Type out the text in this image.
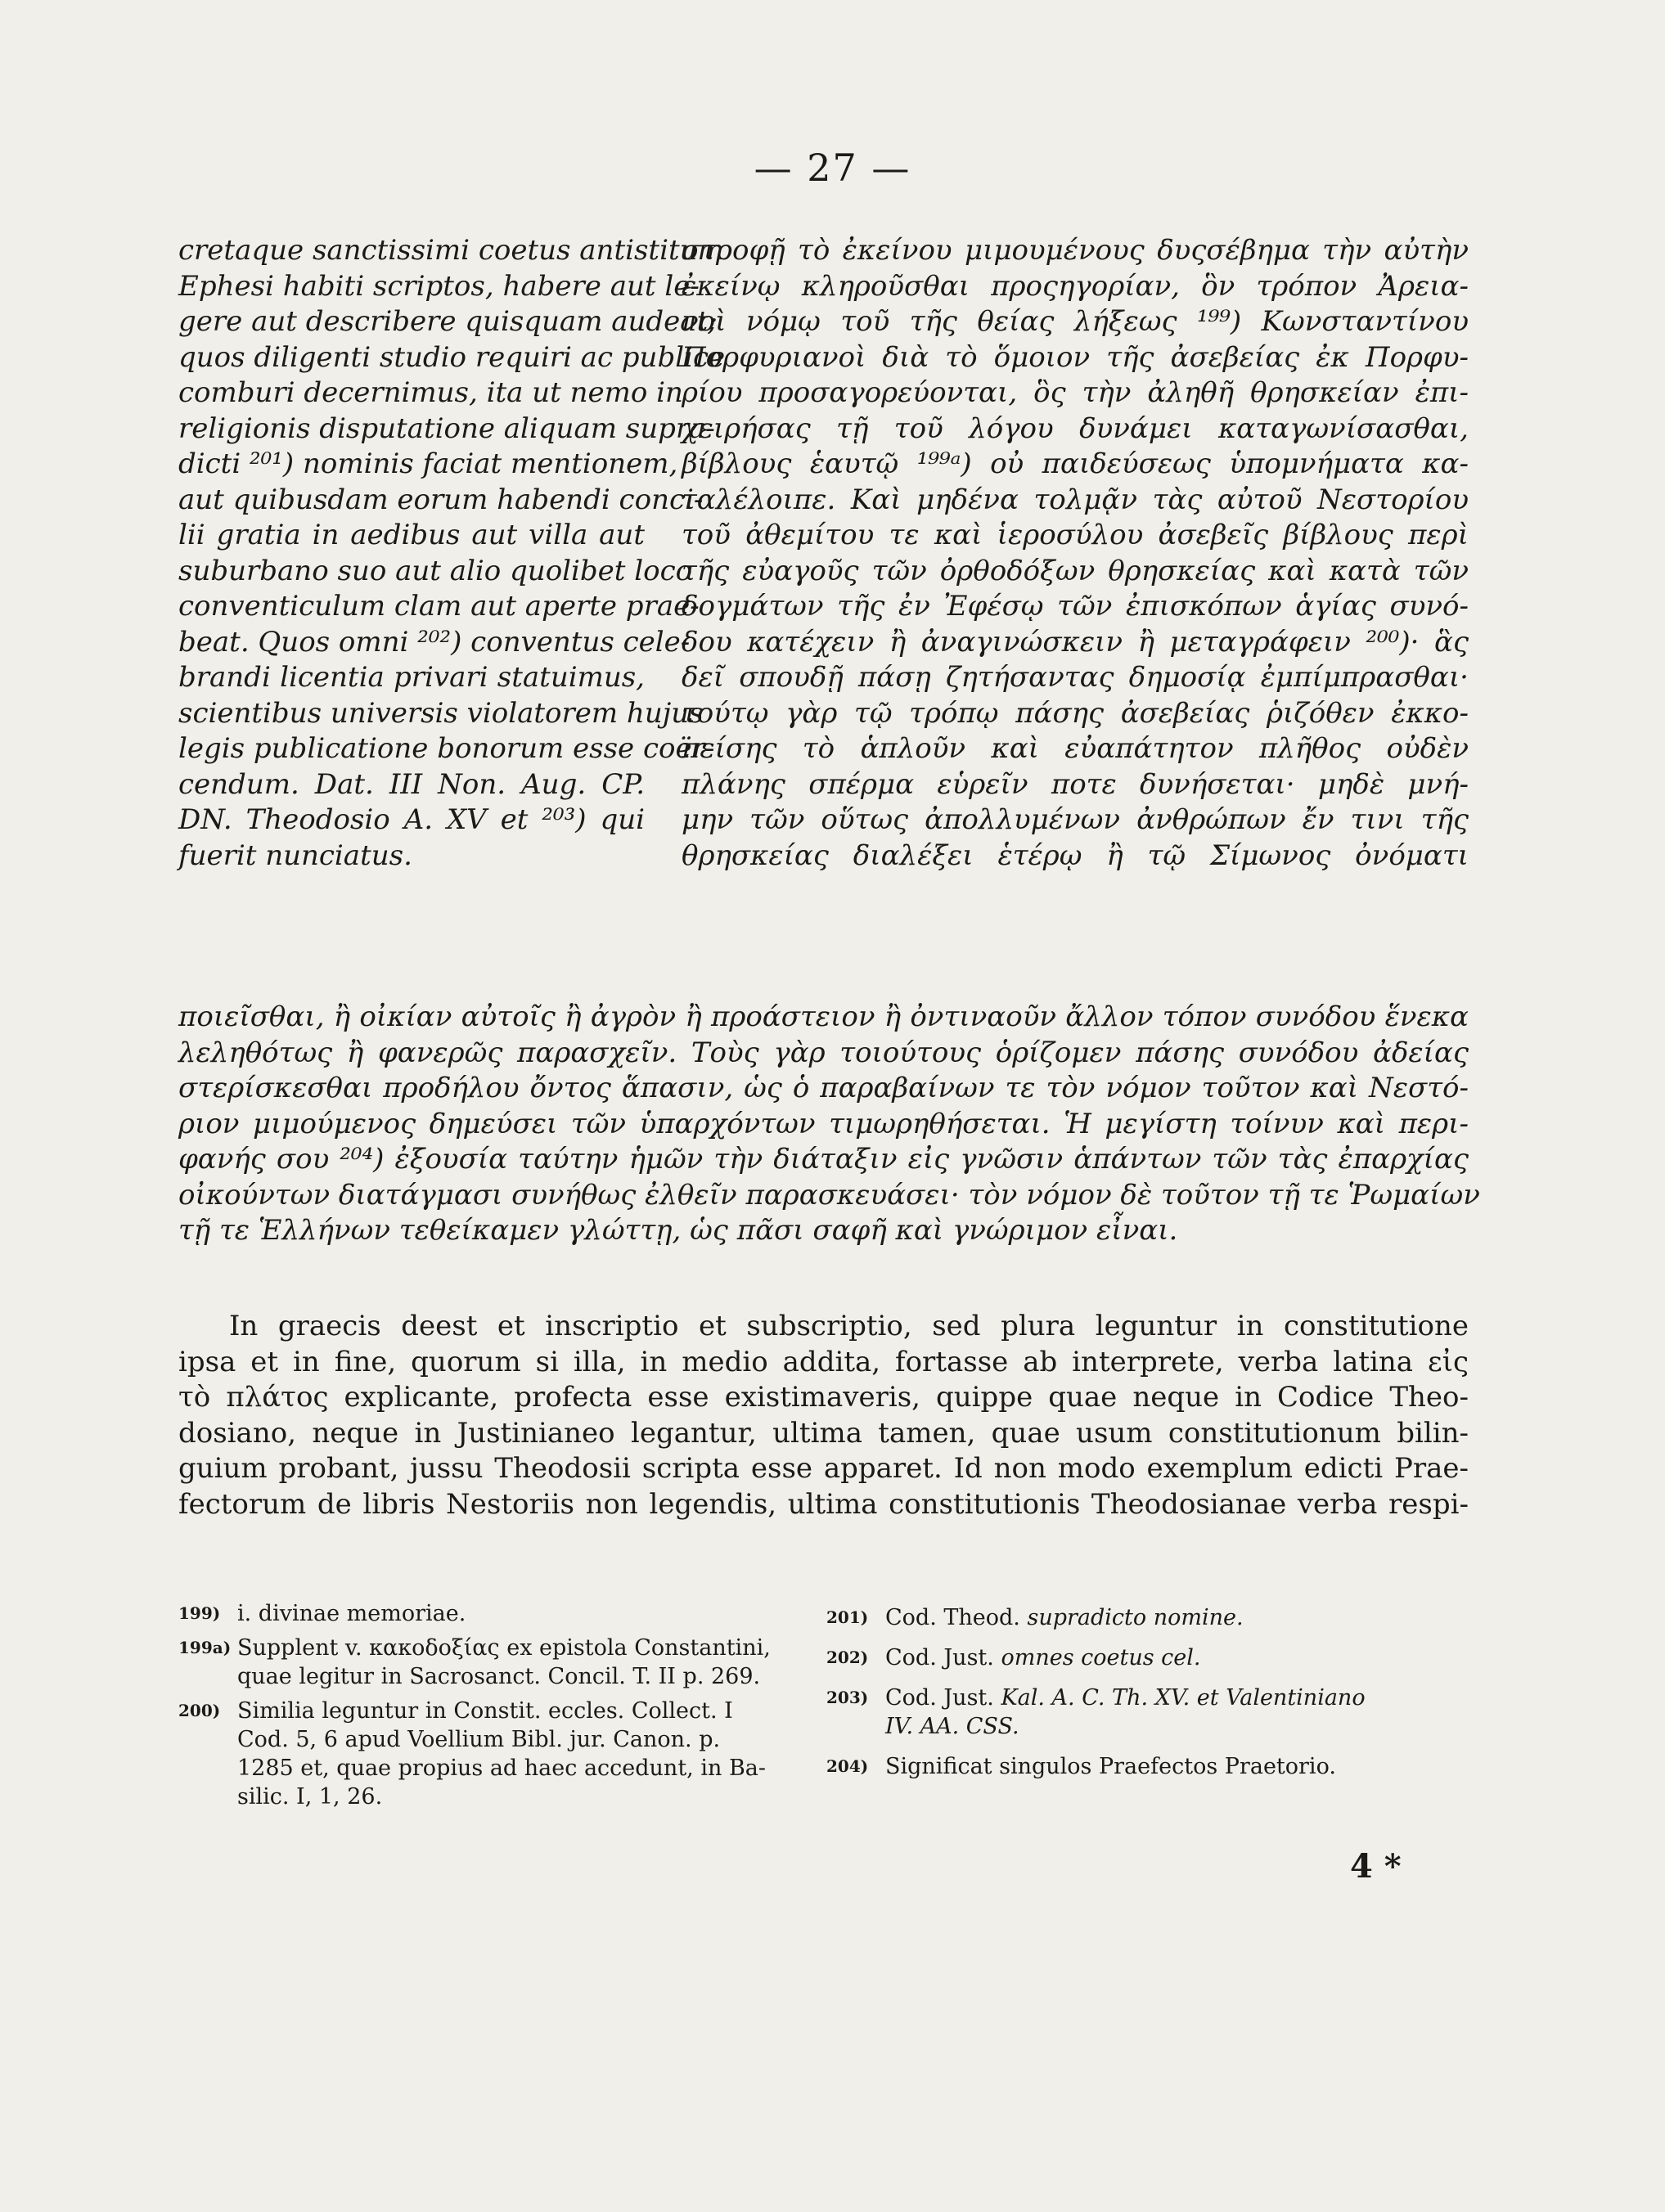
— 27 —
cretaque sanctissimi coetus antistitum
Ephesi habiti scriptos, habere aut le-
gere aut describere quisquam audeat;
quos diligenti studio requiri ac publice
comburi decernimus, ita ut nemo in
religionis disputatione aliquam supra-
dicti ²⁰¹) nominis faciat mentionem,
aut quibusdam eorum habendi conci-
lii gratia in aedibus aut villa aut
suburbano suo aut alio quolibet loco
conventiculum clam aut aperte prae-
beat. Quos omni ²⁰²) conventus cele-
brandi licentia privari statuimus,
scientibus universis violatorem hujus
legis publicatione bonorum esse coër-
cendum. Dat. III Non. Aug. CP.
DN. Theodosio A. XV et ²⁰³) qui
fuerit nunciatus.
στροφῇ τὸ ἐκείνου μιμουμένους δυςσέβημα τὴν αὐτὴν
ἐκείνῳ κληροῦσθαι προςηγορίαν, ὃν τρόπον Ἀρεια-
νοὶ νόμῳ τοῦ τῆς θείας λήξεως ¹⁹⁹) Κωνσταντίνου
Πορφυριανοὶ διὰ τὸ ὅμοιον τῆς ἀσεβείας ἐκ Πορφυ-
ρίου προσαγορεύονται, ὃς τὴν ἀληθῆ θρησκείαν ἐπι-
χειρήσας τῇ τοῦ λόγου δυνάμει καταγωνίσασθαι,
βίβλους ἑαυτῷ ¹⁹⁹ᵃ) οὐ παιδεύσεως ὑπομνήματα κα-
ταλέλοιπε. Καὶ μηδένα τολμᾷν τὰς αὐτοῦ Νεστορίου
τοῦ ἀθεμίτου τε καὶ ἱεροσύλου ἀσεβεῖς βίβλους περὶ
τῆς εὐαγοῦς τῶν ὀρθοδόξων θρησκείας καὶ κατὰ τῶν
δογμάτων τῆς ἐν Ἐφέσῳ τῶν ἐπισκόπων ἁγίας συνό-
δου κατέχειν ἢ ἀναγινώσκειν ἢ μεταγράφειν ²⁰⁰)· ἃς
δεῖ σπουδῇ πάσῃ ζητήσαντας δημοσίᾳ ἐμπίμπρασθαι·
τούτῳ γὰρ τῷ τρόπῳ πάσης ἀσεβείας ῥιζόθεν ἐκκο-
πείσης τὸ ἁπλοῦν καὶ εὐαπάτητον πλῆθος οὐδὲν
πλάνης σπέρμα εὑρεῖν ποτε δυνήσεται· μηδὲ μνή-
μην τῶν οὕτως ἀπολλυμένων ἀνθρώπων ἔν τινι τῆς
θρησκείας διαλέξει ἑτέρῳ ἢ τῷ Σίμωνος ὀνόματι
ποιεῖσθαι, ἢ οἰκίαν αὐτοῖς ἢ ἀγρὸν ἢ προάστειον ἢ ὀντιναοῦν ἄλλον τόπον συνόδου ἕνεκα
λεληθότως ἢ φανερῶς παρασχεῖν. Τοὺς γὰρ τοιούτους ὁρίζομεν πάσης συνόδου ἀδείας
στερίσκεσθαι προδήλου ὄντος ἅπασιν, ὡς ὁ παραβαίνων τε τὸν νόμον τοῦτον καὶ Νεστό-
ριον μιμούμενος δημεύσει τῶν ὑπαρχόντων τιμωρηθήσεται. Ἡ μεγίστη τοίνυν καὶ περι-
φανής σου ²⁰⁴) ἐξουσία ταύτην ἡμῶν τὴν διάταξιν εἰς γνῶσιν ἁπάντων τῶν τὰς ἐπαρχίας
οἰκούντων διατάγμασι συνήθως ἐλθεῖν παρασκευάσει· τὸν νόμον δὲ τοῦτον τῇ τε Ῥωμαίων
τῇ τε Ἑλλήνων τεθείκαμεν γλώττῃ, ὡς πᾶσι σαφῆ καὶ γνώριμον εἶναι.
In graecis deest et inscriptio et subscriptio, sed plura leguntur in constitutione
ipsa et in fine, quorum si illa, in medio addita, fortasse ab interprete, verba latina εἰς
τὸ πλάτος explicante, profecta esse existimaveris, quippe quae neque in Codice Theo-
dosiano, neque in Justinianeo legantur, ultima tamen, quae usum constitutionum bilin-
guium probant, jussu Theodosii scripta esse apparet. Id non modo exemplum edicti Prae-
fectorum de libris Nestoriis non legendis, ultima constitutionis Theodosianae verba respi-
199) i. divinae memoriae.
199a) Supplent v. κακοδοξίας ex epistola Constantini,
quae legitur in Sacrosanct. Concil. T. II p. 269.
200) Similia leguntur in Constit. eccles. Collect. I
Cod. 5, 6 apud Voellium Bibl. jur. Canon. p.
1285 et, quae propius ad haec accedunt, in Ba-
silic. I, 1, 26.
201) Cod. Theod. supradicto nomine.
202) Cod. Just. omnes coetus cel.
203) Cod. Just. Kal. A. C. Th. XV. et Valentiniano
IV. AA. CSS.
204) Significat singulos Praefectos Praetorio.
4 *
